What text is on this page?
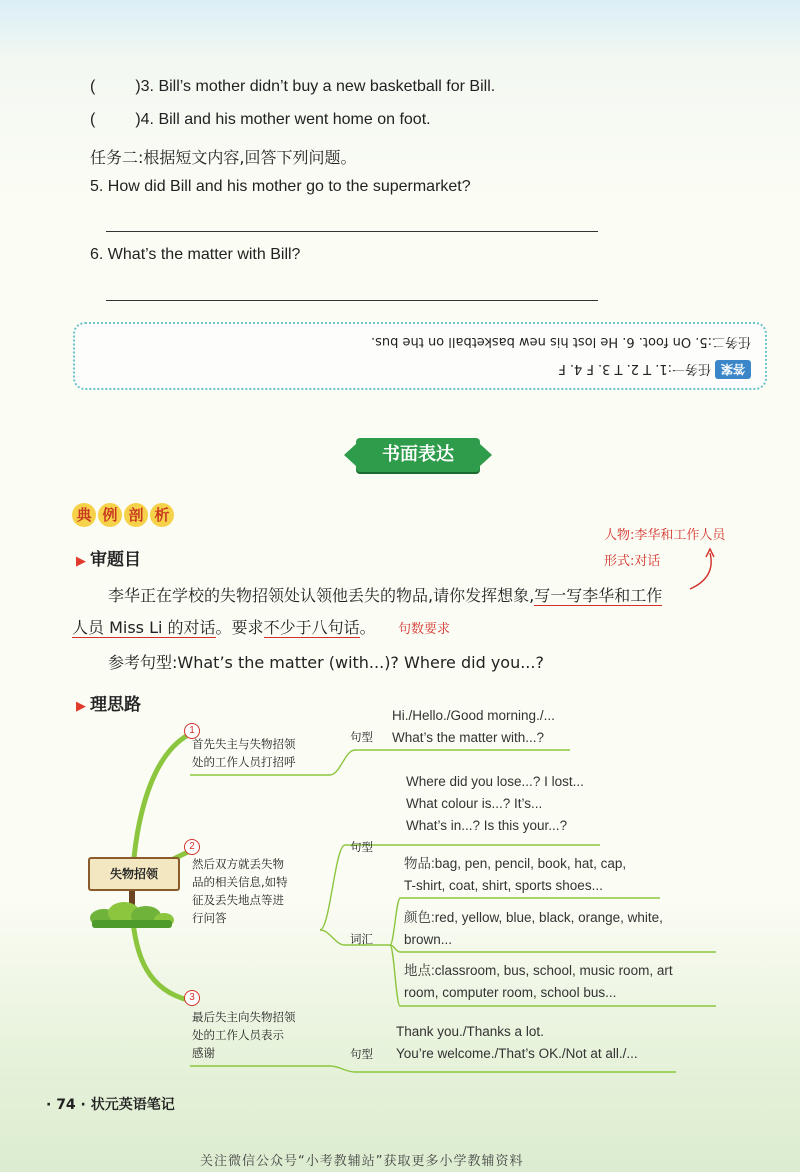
(	)3. Bill’s mother didn’t buy a new basketball for Bill.
(	)4. Bill and his mother went home on foot.
任务二:根据短文内容,回答下列问题。
5. How did Bill and his mother go to the supermarket?
6. What’s the matter with Bill?
答案任务一:1. T 2. T 3. F 4. F
任务二:5. On foot. 6. He lost his new basketball on the bus.
书面表达
典 例 剖 析
人物:李华和工作人员
形式:对话
▶ 审题目
李华正在学校的失物招领处认领他丢失的物品,请你发挥想象,写一写李华和工作
人员 Miss Li 的对话。要求不少于八句话。 句数要求
参考句型:What’s the matter (with...)? Where did you...?
▶ 理思路
失物招领
1
首先失主与失物招领
处的工作人员打招呼
句型
Hi./Hello./Good morning./...
What’s the matter with...?
2
然后双方就丢失物
品的相关信息,如特
征及丢失地点等进
行问答
句型
Where did you lose...? I lost...
What colour is...? It’s...
What’s in...? Is this your...?
词汇
物品:bag, pen, pencil, book, hat, cap,
T-shirt, coat, shirt, sports shoes...
颜色:red, yellow, blue, black, orange, white,
brown...
地点:classroom, bus, school, music room, art
room, computer room, school bus...
3
最后失主向失物招领
处的工作人员表示
感谢	句型
Thank you./Thanks a lot.
You’re welcome./That’s OK./Not at all./...
· 74 · 状元英语笔记
关注微信公众号“小考教辅站”获取更多小学教辅资料
